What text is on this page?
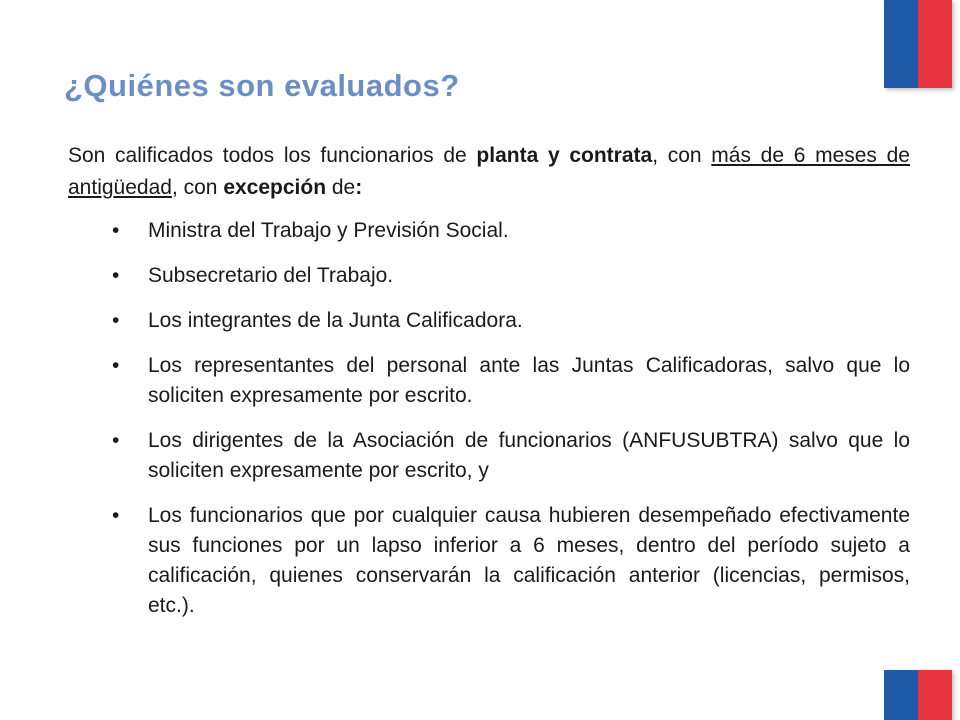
¿Quiénes son evaluados?

Son calificados todos los funcionarios de planta y contrata, con más de 6 meses de antigüedad, con excepción de:

• Ministra del Trabajo y Previsión Social.
• Subsecretario del Trabajo.
• Los integrantes de la Junta Calificadora.
• Los representantes del personal ante las Juntas Calificadoras, salvo que lo soliciten expresamente por escrito.
• Los dirigentes de la Asociación de funcionarios (ANFUSUBTRA) salvo que lo soliciten expresamente por escrito, y
• Los funcionarios que por cualquier causa hubieren desempeñado efectivamente sus funciones por un lapso inferior a 6 meses, dentro del período sujeto a calificación, quienes conservarán la calificación anterior (licencias, permisos, etc.).
